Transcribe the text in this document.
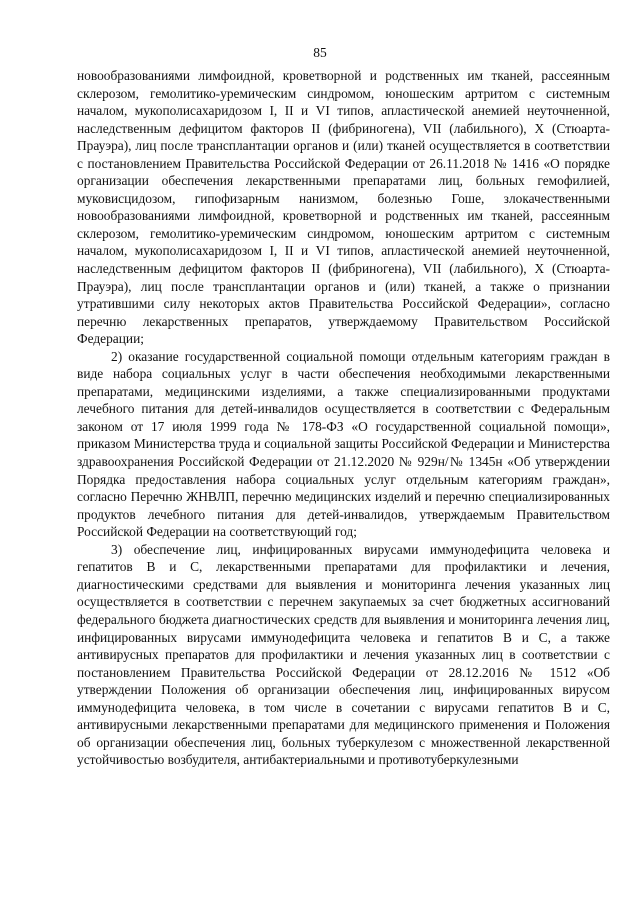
85

новообразованиями лимфоидной, кроветворной и родственных им тканей, рассеянным склерозом, гемолитико-уремическим синдромом, юношеским артритом с системным началом, мукополисахаридозом I, II и VI типов, апластической анемией неуточненной, наследственным дефицитом факторов II (фибриногена), VII (лабильного), X (Стюарта-Прауэра), лиц после трансплантации органов и (или) тканей осуществляется в соответствии с постановлением Правительства Российской Федерации от 26.11.2018 № 1416 «О порядке организации обеспечения лекарственными препаратами лиц, больных гемофилией, муковисцидозом, гипофизарным нанизмом, болезнью Гоше, злокачественными новообразованиями лимфоидной, кроветворной и родственных им тканей, рассеянным склерозом, гемолитико-уремическим синдромом, юношеским артритом с системным началом, мукополисахаридозом I, II и VI типов, апластической анемией неуточненной, наследственным дефицитом факторов II (фибриногена), VII (лабильного), X (Стюарта-Прауэра), лиц после трансплантации органов и (или) тканей, а также о признании утратившими силу некоторых актов Правительства Российской Федерации», согласно перечню лекарственных препаратов, утверждаемому Правительством Российской Федерации;

2) оказание государственной социальной помощи отдельным категориям граждан в виде набора социальных услуг в части обеспечения необходимыми лекарственными препаратами, медицинскими изделиями, а также специализированными продуктами лечебного питания для детей-инвалидов осуществляется в соответствии с Федеральным законом от 17 июля 1999 года № 178-ФЗ «О государственной социальной помощи», приказом Министерства труда и социальной защиты Российской Федерации и Министерства здравоохранения Российской Федерации от 21.12.2020 № 929н/№ 1345н «Об утверждении Порядка предоставления набора социальных услуг отдельным категориям граждан», согласно Перечню ЖНВЛП, перечню медицинских изделий и перечню специализированных продуктов лечебного питания для детей-инвалидов, утверждаемым Правительством Российской Федерации на соответствующий год;

3) обеспечение лиц, инфицированных вирусами иммунодефицита человека и гепатитов B и C, лекарственными препаратами для профилактики и лечения, диагностическими средствами для выявления и мониторинга лечения указанных лиц осуществляется в соответствии с перечнем закупаемых за счет бюджетных ассигнований федерального бюджета диагностических средств для выявления и мониторинга лечения лиц, инфицированных вирусами иммунодефицита человека и гепатитов B и C, а также антивирусных препаратов для профилактики и лечения указанных лиц в соответствии с постановлением Правительства Российской Федерации от 28.12.2016 № 1512 «Об утверждении Положения об организации обеспечения лиц, инфицированных вирусом иммунодефицита человека, в том числе в сочетании с вирусами гепатитов B и C, антивирусными лекарственными препаратами для медицинского применения и Положения об организации обеспечения лиц, больных туберкулезом с множественной лекарственной устойчивостью возбудителя, антибактериальными и противотуберкулезными
